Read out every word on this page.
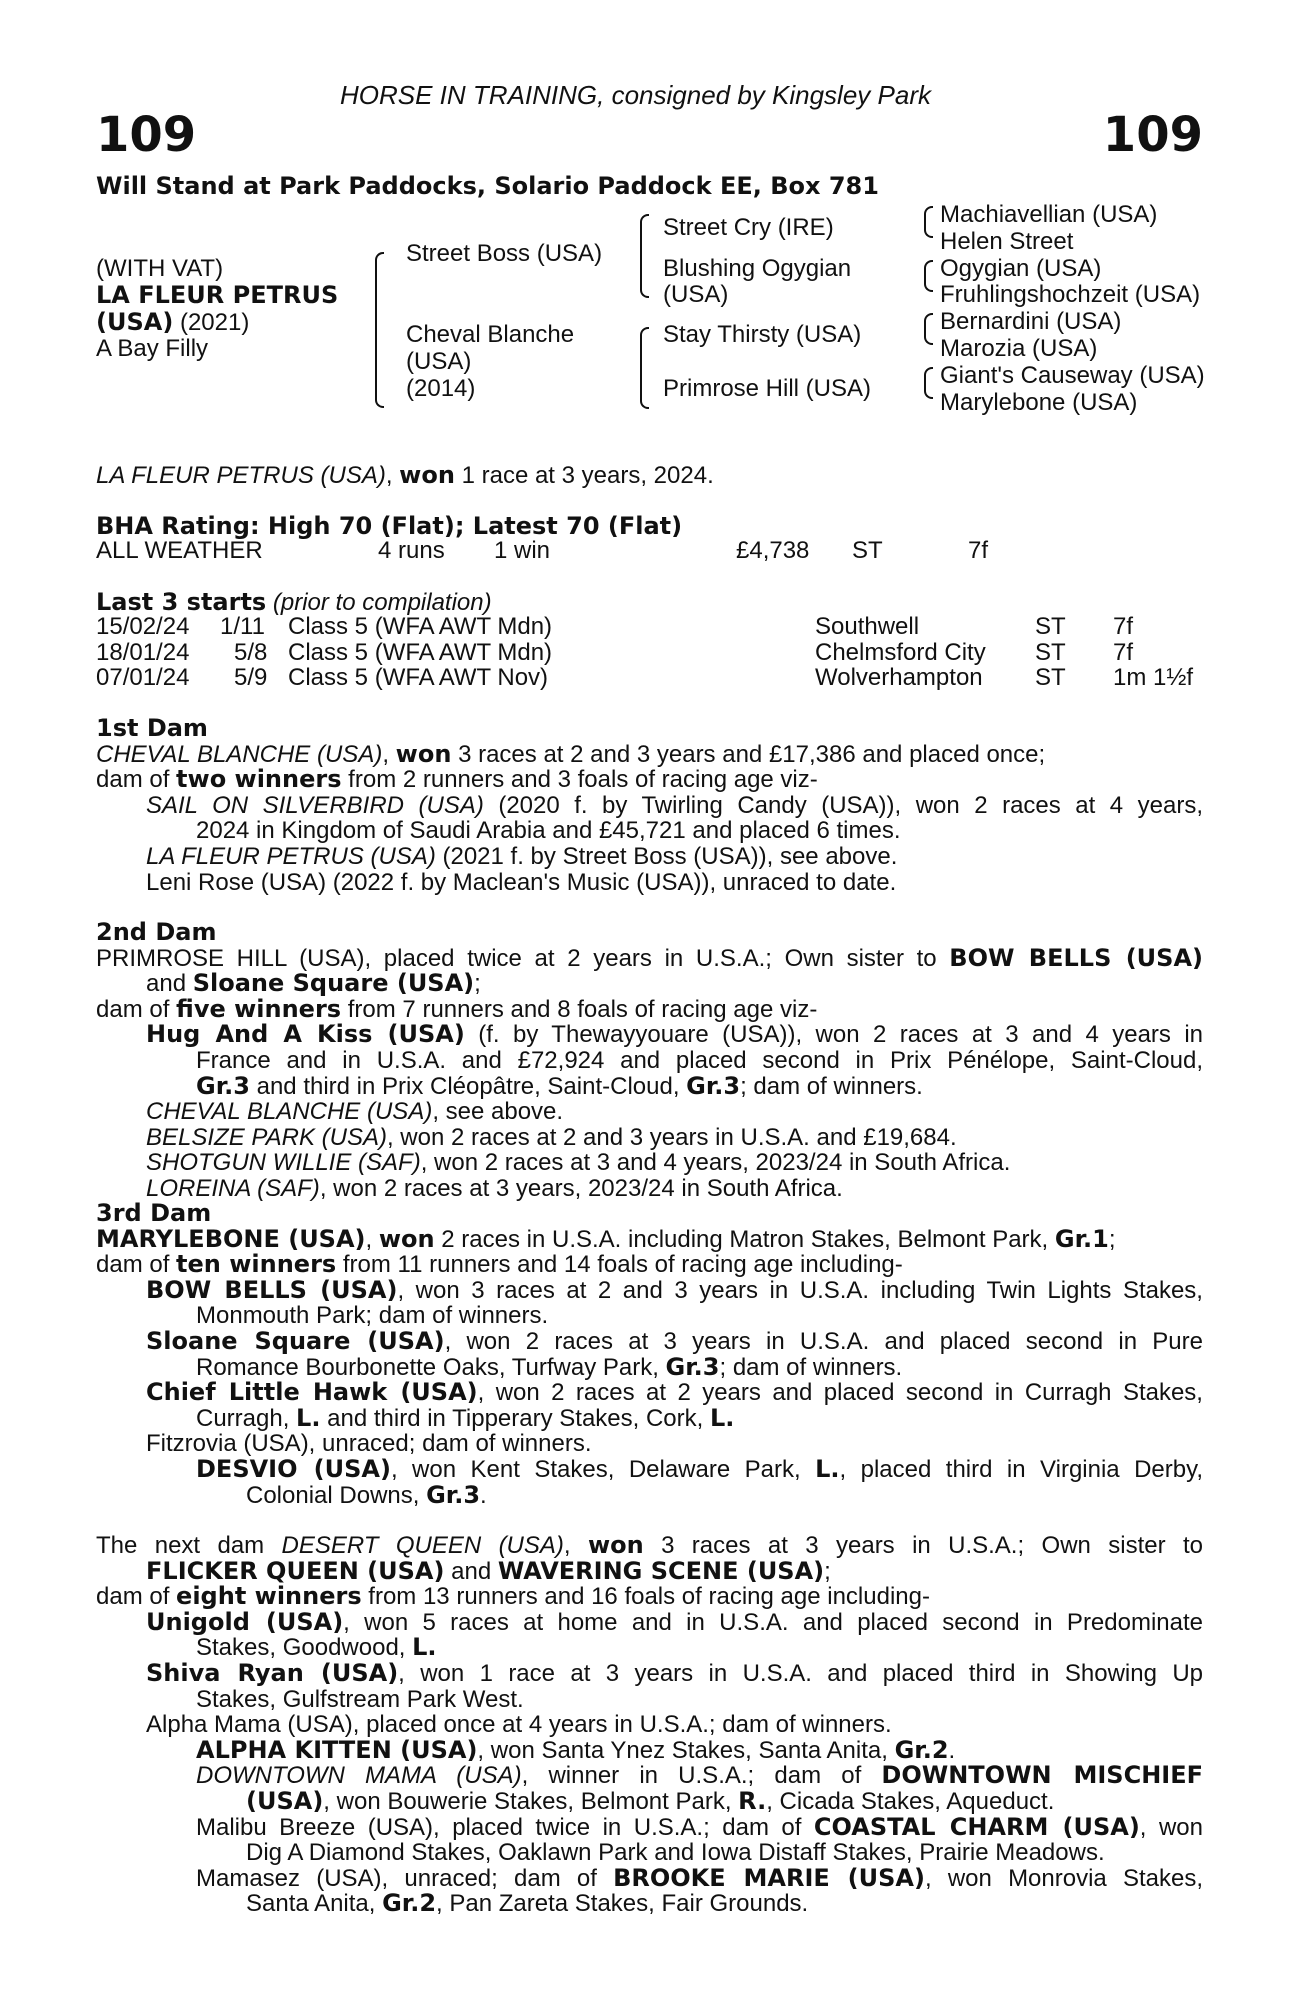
HORSE IN TRAINING, consigned by Kingsley Park
109	109
Will Stand at Park Paddocks, Solario Paddock EE, Box 781
(WITH VAT)
LA FLEUR PETRUS
(USA) (2021)
A Bay Filly
Street Boss (USA)
Cheval Blanche
(USA)
(2014)
Street Cry (IRE)
Blushing Ogygian
(USA)
Stay Thirsty (USA)
Primrose Hill (USA)
Machiavellian (USA)
Helen Street
Ogygian (USA)
Fruhlingshochzeit (USA)
Bernardini (USA)
Marozia (USA)
Giant's Causeway (USA)
Marylebone (USA)
LA FLEUR PETRUS (USA), won 1 race at 3 years, 2024.
BHA Rating: High 70 (Flat); Latest 70 (Flat)
ALL WEATHER	4 runs 1 win	£4,738 ST	7f
Last 3 starts (prior to compilation)
15/02/24 1/11 Class 5 (WFA AWT Mdn)	Southwell	ST 7f
18/01/24 5/8 Class 5 (WFA AWT Mdn)	Chelmsford City ST 7f
07/01/24 5/9 Class 5 (WFA AWT Nov)	Wolverhampton ST 1m 1½f
1st Dam
CHEVAL BLANCHE (USA), won 3 races at 2 and 3 years and £17,386 and placed once;
dam of two winners from 2 runners and 3 foals of racing age viz-
SAIL ON SILVERBIRD (USA) (2020 f. by Twirling Candy (USA)), won 2 races at 4 years,
2024 in Kingdom of Saudi Arabia and £45,721 and placed 6 times.
LA FLEUR PETRUS (USA) (2021 f. by Street Boss (USA)), see above.
Leni Rose (USA) (2022 f. by Maclean's Music (USA)), unraced to date.
2nd Dam
PRIMROSE HILL (USA), placed twice at 2 years in U.S.A.; Own sister to BOW BELLS (USA)
and Sloane Square (USA);
dam of five winners from 7 runners and 8 foals of racing age viz-
Hug And A Kiss (USA) (f. by Thewayyouare (USA)), won 2 races at 3 and 4 years in
France and in U.S.A. and £72,924 and placed second in Prix Pénélope, Saint-Cloud,
Gr.3 and third in Prix Cléopâtre, Saint-Cloud, Gr.3; dam of winners.
CHEVAL BLANCHE (USA), see above.
BELSIZE PARK (USA), won 2 races at 2 and 3 years in U.S.A. and £19,684.
SHOTGUN WILLIE (SAF), won 2 races at 3 and 4 years, 2023/24 in South Africa.
LOREINA (SAF), won 2 races at 3 years, 2023/24 in South Africa.
3rd Dam
MARYLEBONE (USA), won 2 races in U.S.A. including Matron Stakes, Belmont Park, Gr.1;
dam of ten winners from 11 runners and 14 foals of racing age including-
BOW BELLS (USA), won 3 races at 2 and 3 years in U.S.A. including Twin Lights Stakes,
Monmouth Park; dam of winners.
Sloane Square (USA), won 2 races at 3 years in U.S.A. and placed second in Pure
Romance Bourbonette Oaks, Turfway Park, Gr.3; dam of winners.
Chief Little Hawk (USA), won 2 races at 2 years and placed second in Curragh Stakes,
Curragh, L. and third in Tipperary Stakes, Cork, L.
Fitzrovia (USA), unraced; dam of winners.
DESVIO (USA), won Kent Stakes, Delaware Park, L., placed third in Virginia Derby,
Colonial Downs, Gr.3.
The next dam DESERT QUEEN (USA), won 3 races at 3 years in U.S.A.; Own sister to
FLICKER QUEEN (USA) and WAVERING SCENE (USA);
dam of eight winners from 13 runners and 16 foals of racing age including-
Unigold (USA), won 5 races at home and in U.S.A. and placed second in Predominate
Stakes, Goodwood, L.
Shiva Ryan (USA), won 1 race at 3 years in U.S.A. and placed third in Showing Up
Stakes, Gulfstream Park West.
Alpha Mama (USA), placed once at 4 years in U.S.A.; dam of winners.
ALPHA KITTEN (USA), won Santa Ynez Stakes, Santa Anita, Gr.2.
DOWNTOWN MAMA (USA), winner in U.S.A.; dam of DOWNTOWN MISCHIEF
(USA), won Bouwerie Stakes, Belmont Park, R., Cicada Stakes, Aqueduct.
Malibu Breeze (USA), placed twice in U.S.A.; dam of COASTAL CHARM (USA), won
Dig A Diamond Stakes, Oaklawn Park and Iowa Distaff Stakes, Prairie Meadows.
Mamasez (USA), unraced; dam of BROOKE MARIE (USA), won Monrovia Stakes,
Santa Anita, Gr.2, Pan Zareta Stakes, Fair Grounds.
